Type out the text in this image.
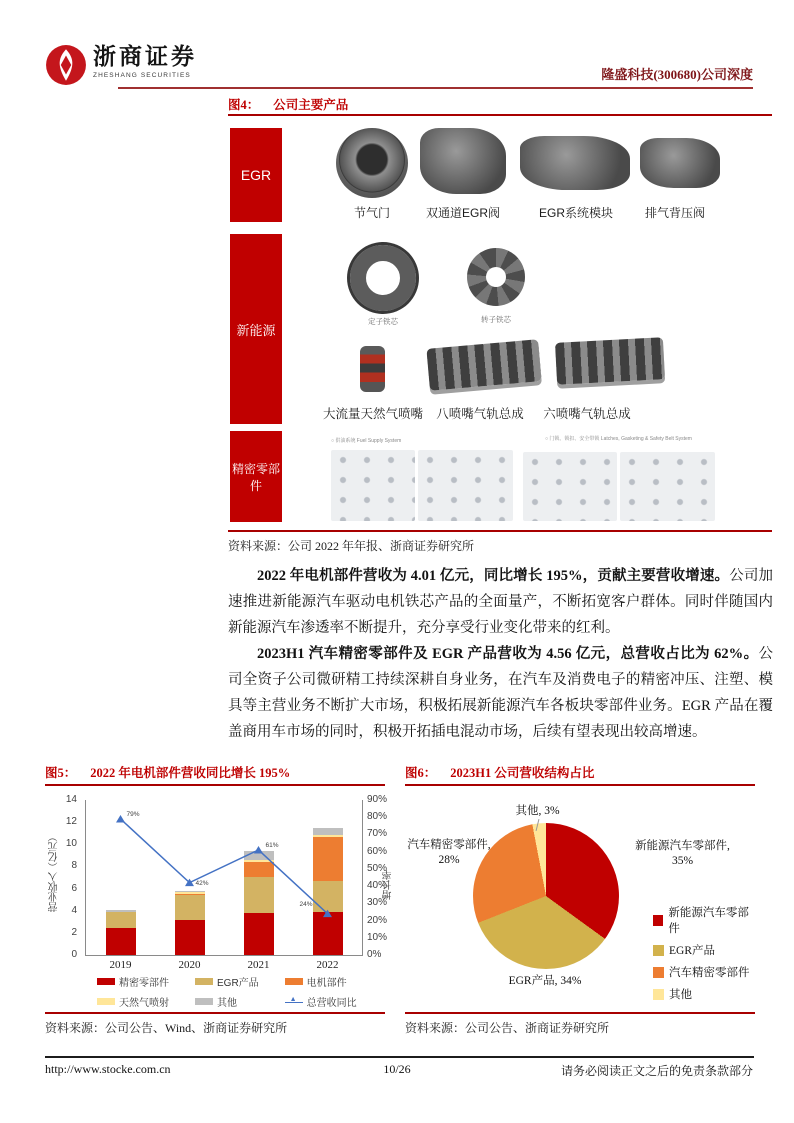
浙商证券
ZHESHANG SECURITIES	隆盛科技(300680)公司深度
图4： 公司主要产品
EGR
新能源
精密零部件
节气门	双通道EGR阀	EGR系统模块	排气背压阀
定子铁芯	转子铁芯
大流量天然气喷嘴	八喷嘴气轨总成	六喷嘴气轨总成
○ 供油系统 Fuel Supply System	○ 门锁、锁扣、安全带锁 Latches, Gasketing & Safety Belt System
资料来源：公司 2022 年年报、浙商证券研究所

2022 年电机部件营收为 4.01 亿元，同比增长 195%，贡献主要营收增速。公司加速推进新能源汽车驱动电机铁芯产品的全面量产，不断拓宽客户群体。同时伴随国内新能源汽车渗透率不断提升，充分享受行业变化带来的红利。

2023H1 汽车精密零部件及 EGR 产品营收为 4.56 亿元，总营收占比为 62%。公司全资子公司微研精工持续深耕自身业务，在汽车及消费电子的精密冲压、注塑、模具等主营业务不断扩大市场，积极拓展新能源汽车各板块零部件业务。EGR 产品在覆盖商用车市场的同时，积极开拓插电混动市场，后续有望表现出较高增速。

图5： 2022 年电机部件营收同比增长 195%
营业收入（亿元）
0
2
4
6
8
10
12
14
2019	2020	2021	2022
79%
42%
61%
24%
0%
10%
20%
30%
40%
50%
60%
70%
80%
90%
增长率
精密零部件	EGR产品	电机部件
天然气喷射	其他	▲ 总营收同比
资料来源：公司公告、Wind、浙商证券研究所
图6： 2023H1 公司营收结构占比
其他, 3%
新能源汽车零部件, 35%
汽车精密零部件, 28%
EGR产品, 34%
新能源汽车零部件
EGR产品
汽车精密零部件
其他
资料来源：公司公告、浙商证券研究所
http://www.stocke.com.cn	10/26	请务必阅读正文之后的免责条款部分
